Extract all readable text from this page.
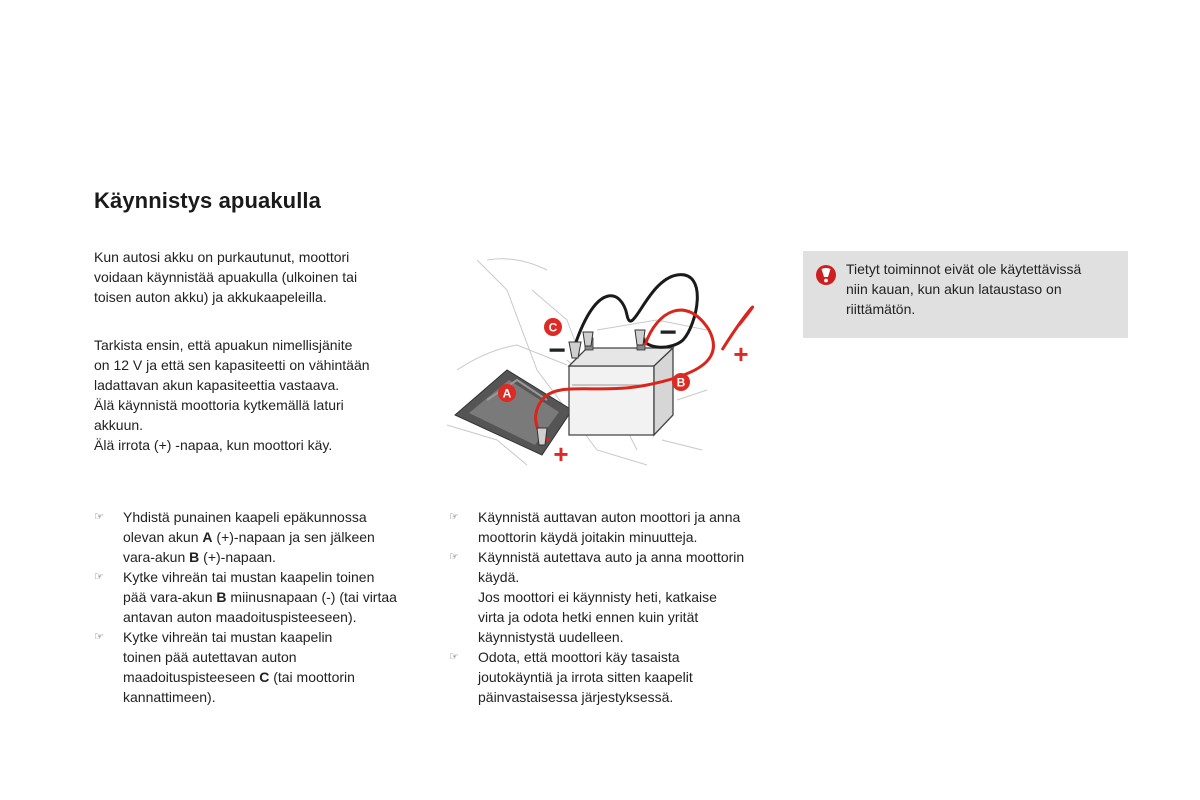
Käynnistys apuakulla

Kun autosi akku on purkautunut, moottori
voidaan käynnistää apuakulla (ulkoinen tai
toisen auton akku) ja akkukaapeleilla.

Tarkista ensin, että apuakun nimellisjänite
on 12 V ja että sen kapasiteetti on vähintään
ladattavan akun kapasiteettia vastaava.
Älä käynnistä moottoria kytkemällä laturi
akkuun.
Älä irrota (+) -napaa, kun moottori käy.

C
B
A
−
−
+
+
Tietyt toiminnot eivät ole käytettävissä
niin kauan, kun akun lataustaso on
riittämätön.
☞ Yhdistä punainen kaapeli epäkunnossa
olevan akun A (+)-napaan ja sen jälkeen
vara-akun B (+)-napaan.
☞ Kytke vihreän tai mustan kaapelin toinen
pää vara-akun B miinusnapaan (-) (tai virtaa
antavan auton maadoituspisteeseen).
☞ Kytke vihreän tai mustan kaapelin
toinen pää autettavan auton
maadoituspisteeseen C (tai moottorin
kannattimeen).
☞ Käynnistä auttavan auton moottori ja anna
moottorin käydä joitakin minuutteja.
☞ Käynnistä autettava auto ja anna moottorin
käydä.
Jos moottori ei käynnisty heti, katkaise
virta ja odota hetki ennen kuin yrität
käynnistystä uudelleen.
☞ Odota, että moottori käy tasaista
joutokäyntiä ja irrota sitten kaapelit
päinvastaisessa järjestyksessä.
